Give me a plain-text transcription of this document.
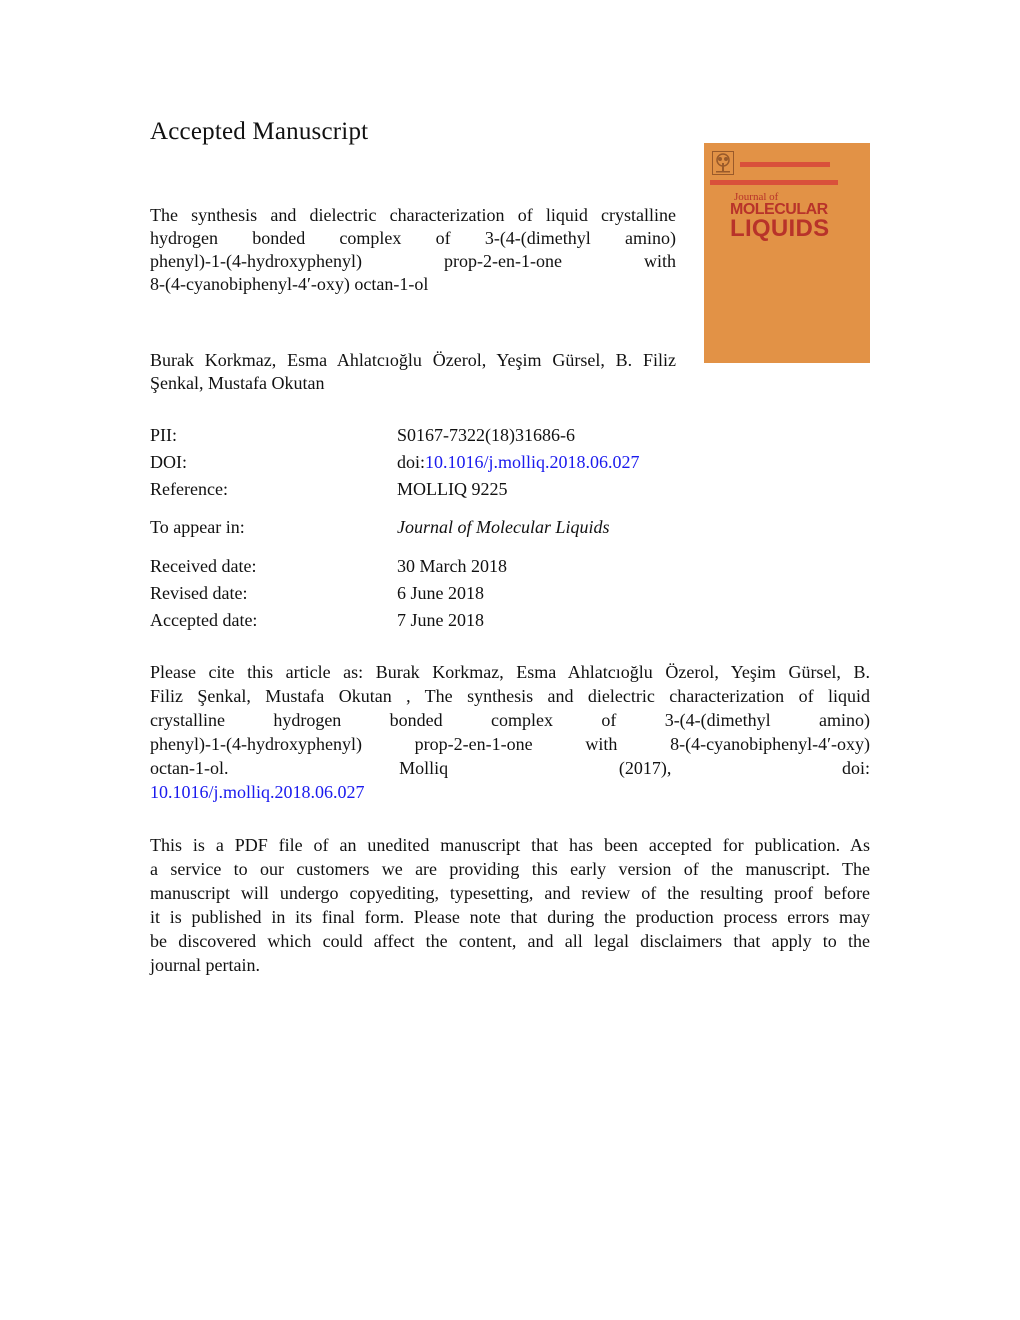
Accepted Manuscript
The synthesis and dielectric characterization of liquid crystalline
hydrogen bonded complex of 3-(4-(dimethyl amino)
phenyl)-1-(4-hydroxyphenyl) prop-2-en-1-one with
8-(4-cyanobiphenyl-4′-oxy) octan-1-ol
Burak Korkmaz, Esma Ahlatcıoğlu Özerol, Yeşim Gürsel, B. Filiz
Şenkal, Mustafa Okutan
Journal of
MOLECULAR
LIQUIDS
PII:	S0167-7322(18)31686-6
DOI:	doi:10.1016/j.molliq.2018.06.027
Reference:	MOLLIQ 9225
To appear in:	Journal of Molecular Liquids
Received date:	30 March 2018
Revised date:	6 June 2018
Accepted date:	7 June 2018
Please cite this article as: Burak Korkmaz, Esma Ahlatcıoğlu Özerol, Yeşim Gürsel, B.
Filiz Şenkal, Mustafa Okutan , The synthesis and dielectric characterization of liquid
crystalline hydrogen bonded complex of 3-(4-(dimethyl amino)
phenyl)-1-(4-hydroxyphenyl) prop-2-en-1-one with 8-(4-cyanobiphenyl-4′-oxy)
octan-1-ol. Molliq (2017), doi:
10.1016/j.molliq.2018.06.027
This is a PDF file of an unedited manuscript that has been accepted for publication. As
a service to our customers we are providing this early version of the manuscript. The
manuscript will undergo copyediting, typesetting, and review of the resulting proof before
it is published in its final form. Please note that during the production process errors may
be discovered which could affect the content, and all legal disclaimers that apply to the
journal pertain.
